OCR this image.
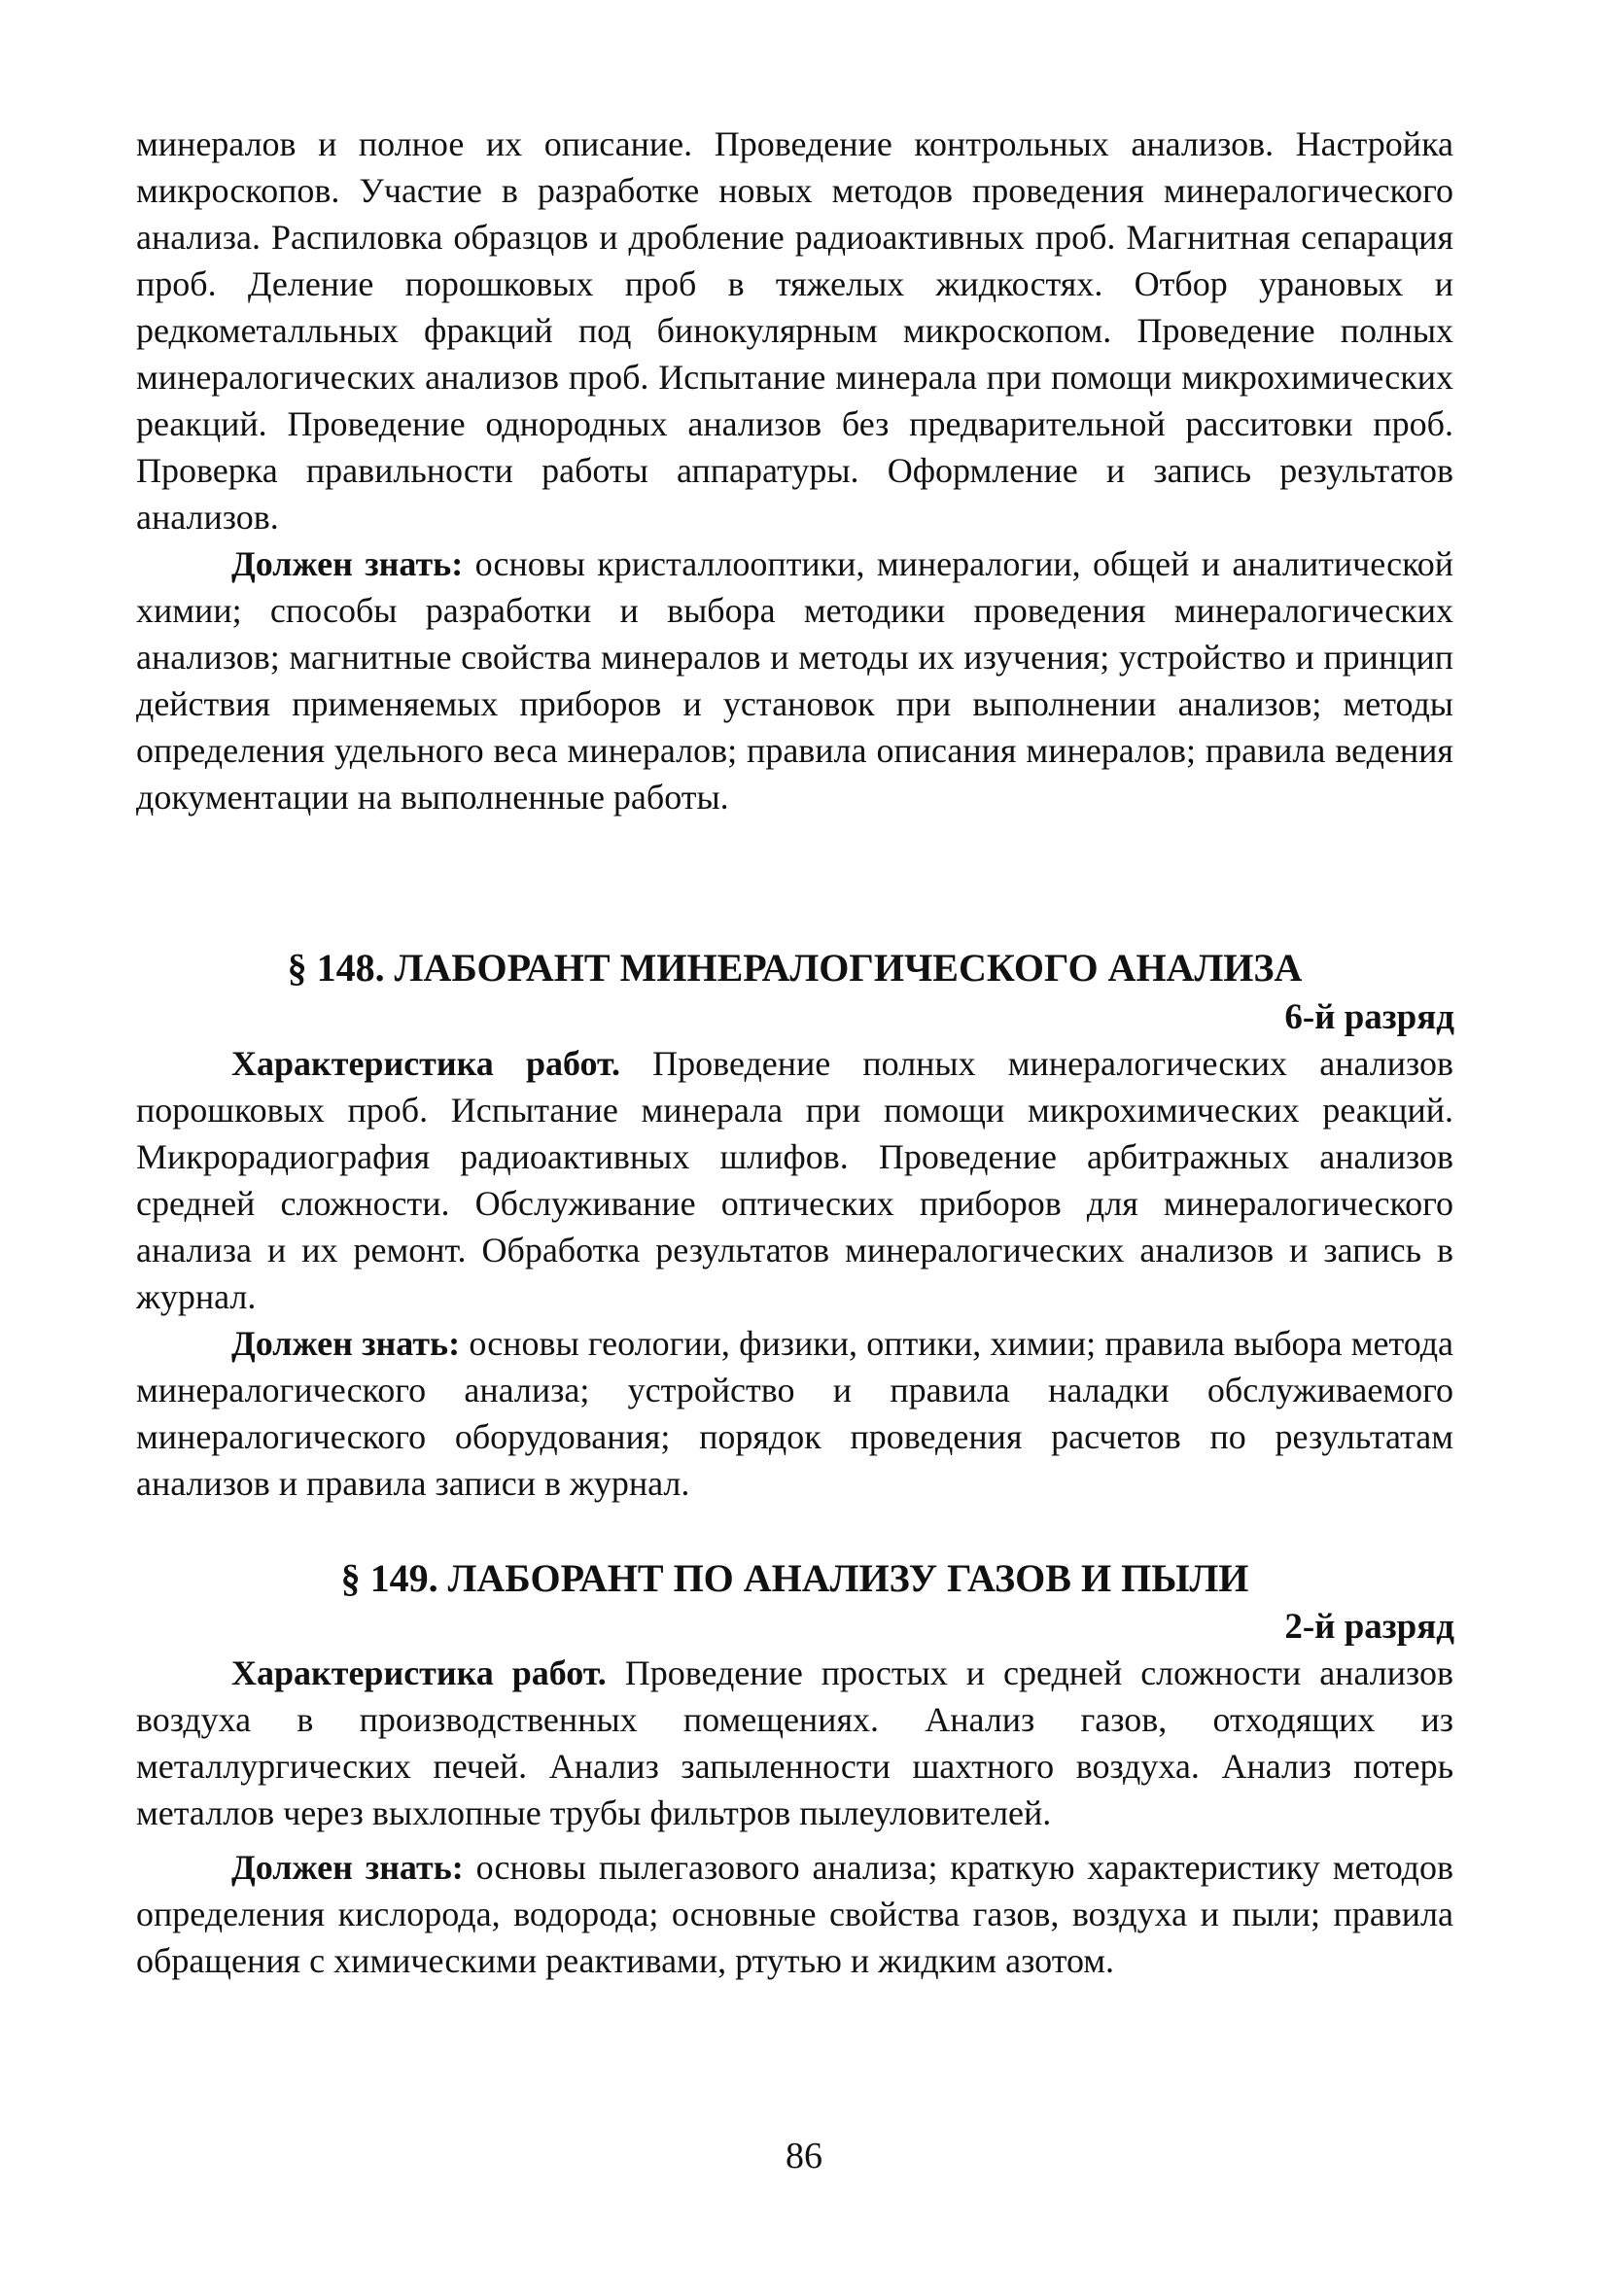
минералов и полное их описание. Проведение контрольных анализов. Настройка микроскопов. Участие в разработке новых методов проведения минералогического анализа. Распиловка образцов и дробление радиоактивных проб. Магнитная сепарация проб. Деление порошковых проб в тяжелых жидкостях. Отбор урановых и редкометалльных фракций под бинокулярным микроскопом. Проведение полных минералогических анализов проб. Испытание минерала при помощи микрохимических реакций. Проведение однородных анализов без предварительной расситовки проб. Проверка правильности работы аппаратуры. Оформление и запись результатов анализов.

Должен знать: основы кристаллооптики, минералогии, общей и аналитической химии; способы разработки и выбора методики проведения минералогических анализов; магнитные свойства минералов и методы их изучения; устройство и принцип действия применяемых приборов и установок при выполнении анализов; методы определения удельного веса минералов; правила описания минералов; правила ведения документации на выполненные работы.

§ 148. ЛАБОРАНТ МИНЕРАЛОГИЧЕСКОГО АНАЛИЗА
6-й разряд

Характеристика работ. Проведение полных минералогических анализов порошковых проб. Испытание минерала при помощи микрохимических реакций. Микрорадиография радиоактивных шлифов. Проведение арбитражных анализов средней сложности. Обслуживание оптических приборов для минералогического анализа и их ремонт. Обработка результатов минералогических анализов и запись в журнал.

Должен знать: основы геологии, физики, оптики, химии; правила выбора метода минералогического анализа; устройство и правила наладки обслуживаемого минералогического оборудования; порядок проведения расчетов по результатам анализов и правила записи в журнал.

§ 149. ЛАБОРАНТ ПО АНАЛИЗУ ГАЗОВ И ПЫЛИ
2-й разряд

Характеристика работ. Проведение простых и средней сложности анализов воздуха в производственных помещениях. Анализ газов, отходящих из металлургических печей. Анализ запыленности шахтного воздуха. Анализ потерь металлов через выхлопные трубы фильтров пылеуловителей.

Должен знать: основы пылегазового анализа; краткую характеристику методов определения кислорода, водорода; основные свойства газов, воздуха и пыли; правила обращения с химическими реактивами, ртутью и жидким азотом.

86
